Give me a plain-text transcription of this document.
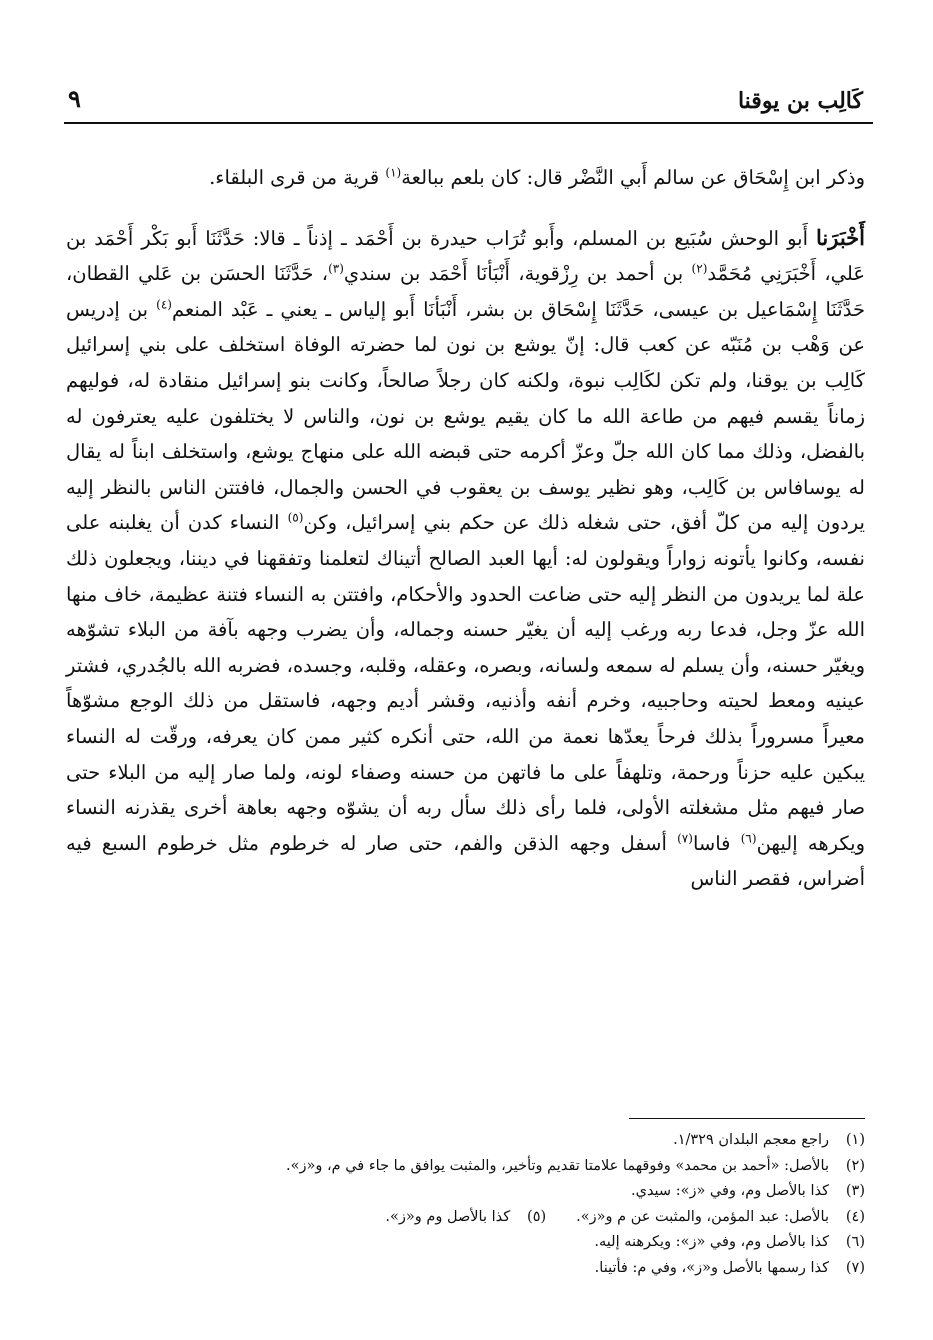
كَالِب بن يوقنا
٩

وذكر ابن إِسْحَاق عن سالم أَبي النَّضْر قال: كان بلعم ببالعة$^{(١)}$ قرية من قرى البلقاء.

أَخْبَرَنا أَبو الوحش سُبَيع بن المسلم، وأَبو تُرَاب حيدرة بن أَحْمَد ـ إذناً ـ قالا: حَدَّثَنَا أَبو بَكْر أَحْمَد بن عَلي، أَخْبَرَنِي مُحَمَّد$^{(٢)}$ بن أحمد بن رِزْقوية، أَنْبَأنَا أَحْمَد بن سندي$^{(٣)}$، حَدَّثَنَا الحسَن بن عَلي القطان، حَدَّثَنَا إِسْمَاعيل بن عيسى، حَدَّثَنَا إِسْحَاق بن بشر، أَنْبَأنَا أَبو إلياس ـ يعني ـ عَبْد المنعم$^{(٤)}$ بن إدريس عن وَهْب بن مُنَبّه عن كعب قال: إنّ يوشع بن نون لما حضرته الوفاة استخلف على بني إسرائيل كَالِب بن يوقنا، ولم تكن لكَالِب نبوة، ولكنه كان رجلاً صالحاً، وكانت بنو إسرائيل منقادة له، فوليهم زماناً يقسم فيهم من طاعة الله ما كان يقيم يوشع بن نون، والناس لا يختلفون عليه يعترفون له بالفضل، وذلك مما كان الله جلّ وعزّ أكرمه حتى قبضه الله على منهاج يوشع، واستخلف ابناً له يقال له يوسافاس بن كَالِب، وهو نظير يوسف بن يعقوب في الحسن والجمال، فافتتن الناس بالنظر إليه يردون إليه من كلّ أفق، حتى شغله ذلك عن حكم بني إسرائيل، وكن$^{(٥)}$ النساء كدن أن يغلبنه على نفسه، وكانوا يأتونه زواراً ويقولون له: أيها العبد الصالح أتيناك لتعلمنا وتفقهنا في ديننا، ويجعلون ذلك علة لما يريدون من النظر إليه حتى ضاعت الحدود والأحكام، وافتتن به النساء فتنة عظيمة، خاف منها الله عزّ وجل، فدعا ربه ورغب إليه أن يغيّر حسنه وجماله، وأن يضرب وجهه بآفة من البلاء تشوّهه ويغيّر حسنه، وأن يسلم له سمعه ولسانه، وبصره، وعقله، وقلبه، وجسده، فضربه الله بالجُدري، فشتر عينيه ومعط لحيته وحاجبيه، وخرم أنفه وأذنيه، وقشر أديم وجهه، فاستقل من ذلك الوجع مشوّهاً معيراً مسروراً بذلك فرحاً يعدّها نعمة من الله، حتى أنكره كثير ممن كان يعرفه، ورقّت له النساء يبكين عليه حزناً ورحمة، وتلهفاً على ما فاتهن من حسنه وصفاء لونه، ولما صار إليه من البلاء حتى صار فيهم مثل مشغلته الأولى، فلما رأى ذلك سأل ربه أن يشوّه وجهه بعاهة أخرى يقذرنه النساء ويكرهه إليهن$^{(٦)}$ فاسا$^{(٧)}$ أسفل وجهه الذقن والفم، حتى صار له خرطوم مثل خرطوم السبع فيه أضراس، فقصر الناس

(١)راجع معجم البلدان ١/٣٢٩.
(٢)بالأصل: «أحمد بن محمد» وفوقهما علامتا تقديم وتأخير، والمثبت يوافق ما جاء في م، و«ز».
(٣)كذا بالأصل وم، وفي «ز»: سيدي.
(٤)بالأصل: عبد المؤمن، والمثبت عن م و«ز».(٥)كذا بالأصل وم و«ز».
(٦)كذا بالأصل وم، وفي «ز»: ويكرهنه إليه.
(٧)كذا رسمها بالأصل و«ز»، وفي م: فأتينا.
